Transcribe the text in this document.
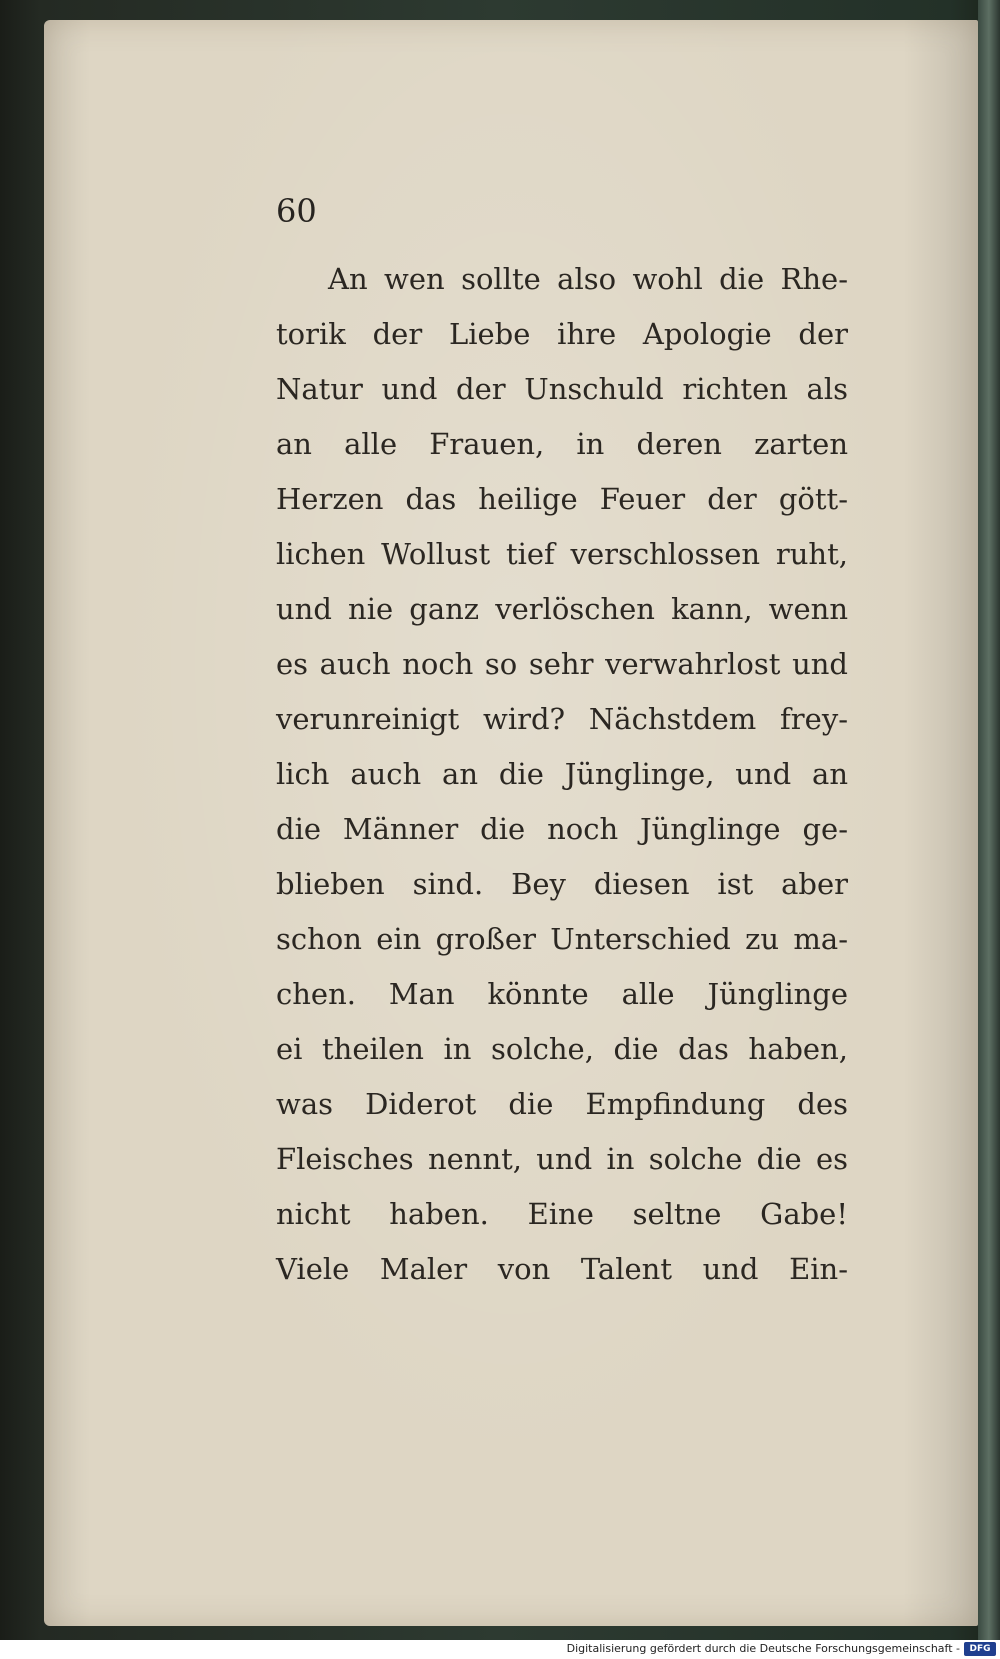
60
An wen sollte also wohl die Rhe-
torik der Liebe ihre Apologie der
Natur und der Unschuld richten als
an alle Frauen, in deren zarten
Herzen das heilige Feuer der gött-
lichen Wollust tief verschlossen ruht,
und nie ganz verlöschen kann, wenn
es auch noch so sehr verwahrlost und
verunreinigt wird? Nächstdem frey-
lich auch an die Jünglinge, und an
die Männer die noch Jünglinge ge-
blieben sind. Bey diesen ist aber
schon ein großer Unterschied zu ma-
chen. Man könnte alle Jünglinge
ei theilen in solche, die das haben,
was Diderot die Empfindung des
Fleisches nennt, und in solche die es
nicht haben. Eine seltne Gabe!
Viele Maler von Talent und Ein-
Digitalisierung gefördert durch die Deutsche Forschungsgemeinschaft -	DFG
